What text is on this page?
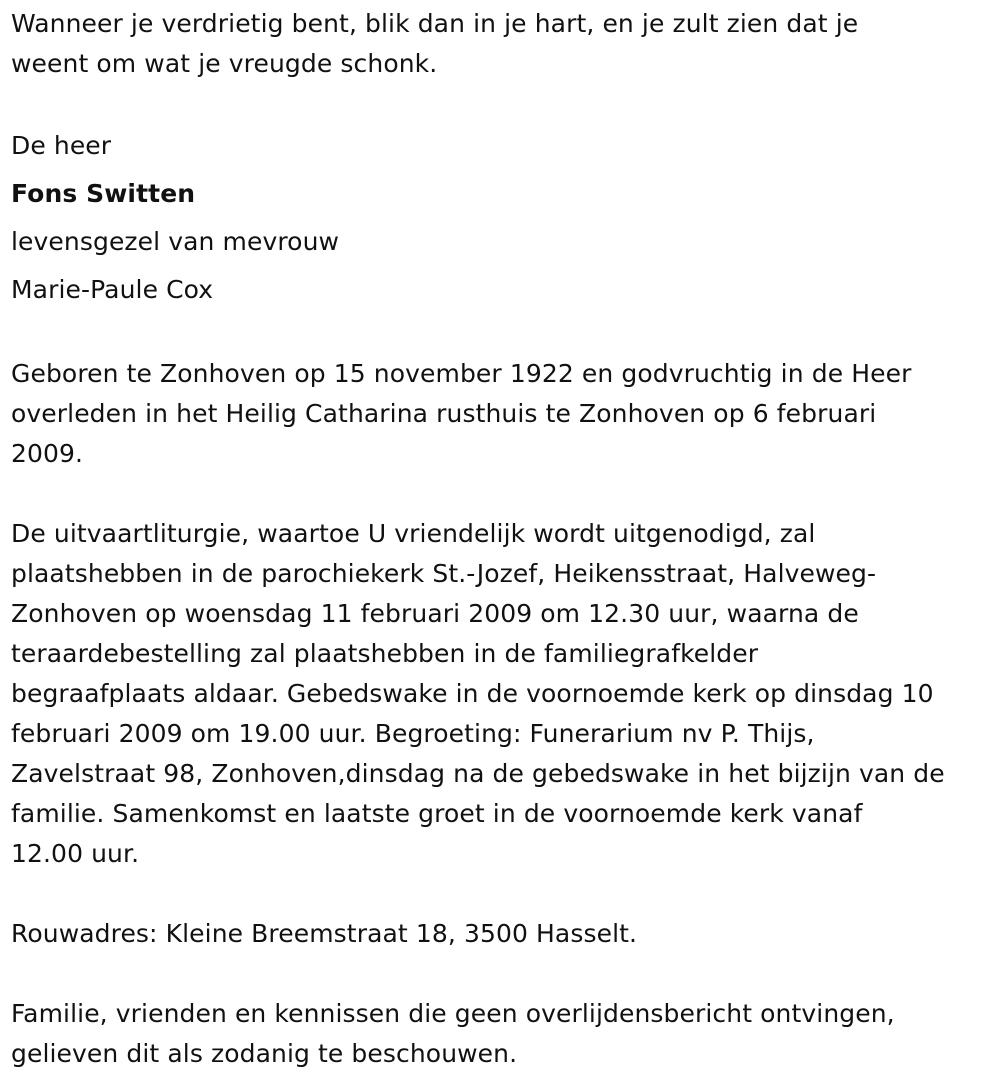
Wanneer je verdrietig bent, blik dan in je hart, en je zult zien dat je
weent om wat je vreugde schonk.

De heer

Fons Switten

levensgezel van mevrouw

Marie-Paule Cox

Geboren te Zonhoven op 15 november 1922 en godvruchtig in de Heer
overleden in het Heilig Catharina rusthuis te Zonhoven op 6 februari
2009.
De uitvaartliturgie, waartoe U vriendelijk wordt uitgenodigd, zal
plaatshebben in de parochiekerk St.-Jozef, Heikensstraat, Halveweg-
Zonhoven op woensdag 11 februari 2009 om 12.30 uur, waarna de
teraardebestelling zal plaatshebben in de familiegrafkelder
begraafplaats aldaar. Gebedswake in de voornoemde kerk op dinsdag 10
februari 2009 om 19.00 uur. Begroeting: Funerarium nv P. Thijs,
Zavelstraat 98, Zonhoven,dinsdag na de gebedswake in het bijzijn van de
familie. Samenkomst en laatste groet in de voornoemde kerk vanaf
12.00 uur.
Rouwadres: Kleine Breemstraat 18, 3500 Hasselt.
Familie, vrienden en kennissen die geen overlijdensbericht ontvingen,
gelieven dit als zodanig te beschouwen.
